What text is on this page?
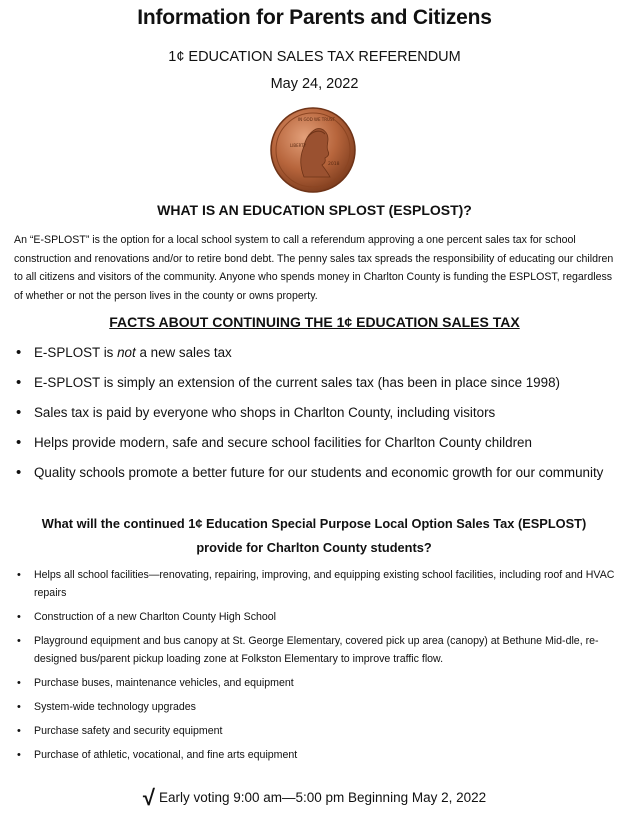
Information for Parents and Citizens
1¢ EDUCATION SALES TAX REFERENDUM
May 24, 2022
LIBERTY
2018
IN GOD WE TRUST
WHAT IS AN EDUCATION SPLOST (ESPLOST)?
An “E-SPLOST” is the option for a local school system to call a referendum approving a one percent sales tax for school construction and renovations and/or to retire bond debt. The penny sales tax spreads the responsibility of educating our children to all citizens and visitors of the community. Anyone who spends money in Charlton County is funding the ESPLOST, regardless of whether or not the person lives in the county or owns property.
FACTS ABOUT CONTINUING THE 1¢ EDUCATION SALES TAX
• E-SPLOST is not a new sales tax
• E-SPLOST is simply an extension of the current sales tax (has been in place since 1998)
• Sales tax is paid by everyone who shops in Charlton County, including visitors
• Helps provide modern, safe and secure school facilities for Charlton County children
• Quality schools promote a better future for our students and economic growth for our community
What will the continued 1¢ Education Special Purpose Local Option Sales Tax (ESPLOST)
provide for Charlton County students?
• Helps all school facilities—renovating, repairing, improving, and equipping existing school facilities, including roof and HVAC repairs
• Construction of a new Charlton County High School
• Playground equipment and bus canopy at St. George Elementary, covered pick up area (canopy) at Bethune Mid-dle, re-designed bus/parent pickup loading zone at Folkston Elementary to improve traffic flow.
• Purchase buses, maintenance vehicles, and equipment
• System-wide technology upgrades
• Purchase safety and security equipment
• Purchase of athletic, vocational, and fine arts equipment
√ Early voting 9:00 am—5:00 pm Beginning May 2, 2022
